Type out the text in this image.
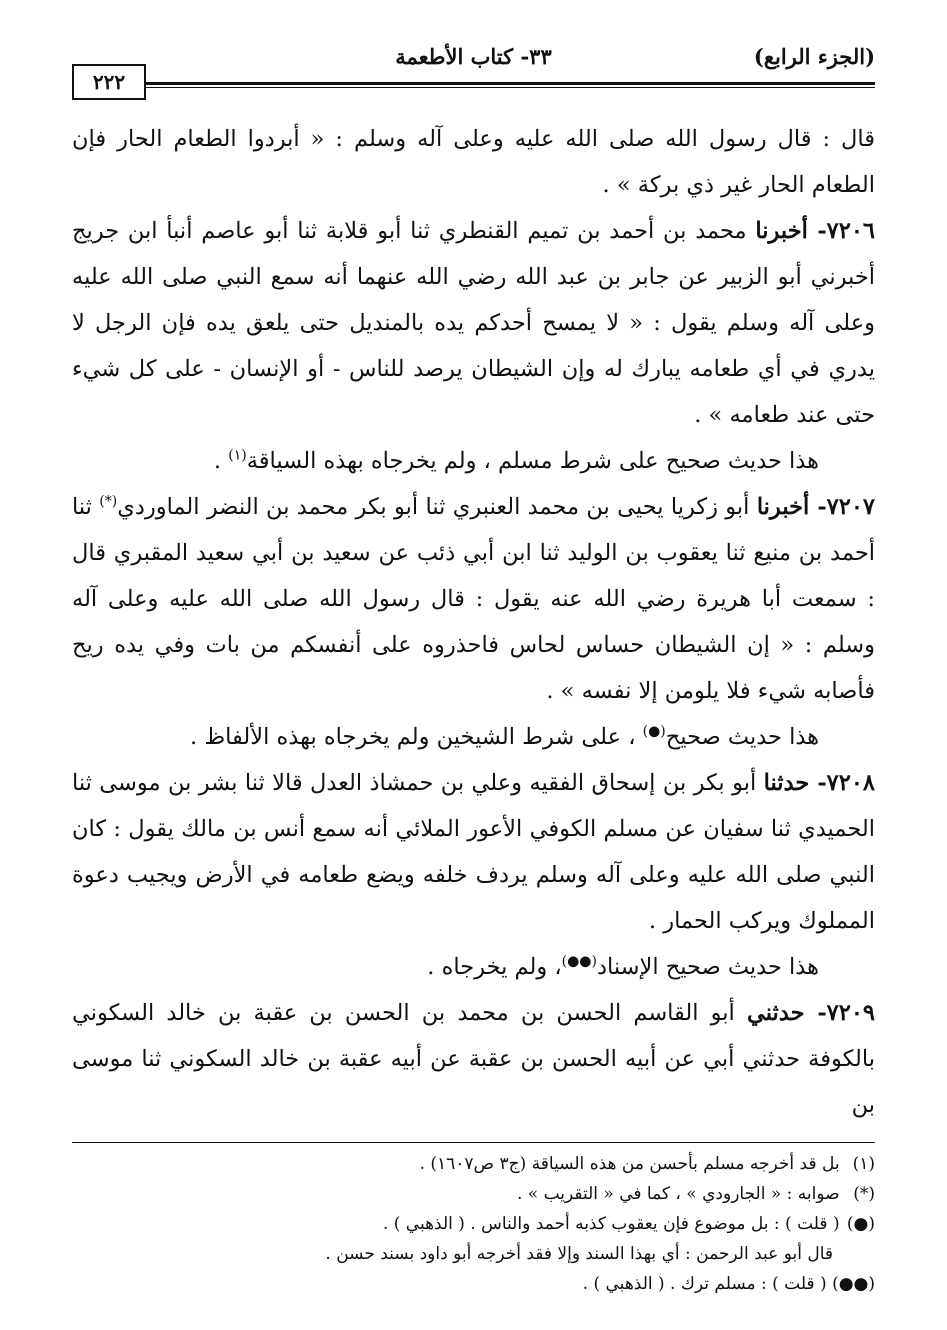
(الجزء الرابع)
٣٣- كتاب الأطعمة
٢٢٢

قال : قال رسول الله صلى الله عليه وعلى آله وسلم : « أبردوا الطعام الحار فإن الطعام الحار غير ذي بركة » .

٧٢٠٦- أخبرنا محمد بن أحمد بن تميم القنطري ثنا أبو قلابة ثنا أبو عاصم أنبأ ابن جريج أخبرني أبو الزبير عن جابر بن عبد الله رضي الله عنهما أنه سمع النبي صلى الله عليه وعلى آله وسلم يقول : « لا يمسح أحدكم يده بالمنديل حتى يلعق يده فإن الرجل لا يدري في أي طعامه يبارك له وإن الشيطان يرصد للناس - أو الإنسان - على كل شيء حتى عند طعامه » .

هذا حديث صحيح على شرط مسلم ، ولم يخرجاه بهذه السياقة$^{(١)}$ .

٧٢٠٧- أخبرنا أبو زكريا يحيى بن محمد العنبري ثنا أبو بكر محمد بن النضر الماوردي(*) ثنا أحمد بن منيع ثنا يعقوب بن الوليد ثنا ابن أبي ذئب عن سعيد بن أبي سعيد المقبري قال : سمعت أبا هريرة رضي الله عنه يقول : قال رسول الله صلى الله عليه وعلى آله وسلم : « إن الشيطان حساس لحاس فاحذروه على أنفسكم من بات وفي يده ريح فأصابه شيء فلا يلومن إلا نفسه » .

هذا حديث صحيح(●) ، على شرط الشيخين ولم يخرجاه بهذه الألفاظ .

٧٢٠٨- حدثنا أبو بكر بن إسحاق الفقيه وعلي بن حمشاذ العدل قالا ثنا بشر بن موسى ثنا الحميدي ثنا سفيان عن مسلم الكوفي الأعور الملائي أنه سمع أنس بن مالك يقول : كان النبي صلى الله عليه وعلى آله وسلم يردف خلفه ويضع طعامه في الأرض ويجيب دعوة المملوك ويركب الحمار .

هذا حديث صحيح الإسناد(●●)، ولم يخرجاه .

٧٢٠٩- حدثني أبو القاسم الحسن بن محمد بن الحسن بن عقبة بن خالد السكوني بالكوفة حدثني أبي عن أبيه الحسن بن عقبة عن أبيه عقبة بن خالد السكوني ثنا موسى بن

(١) بل قد أخرجه مسلم بأحسن من هذه السياقة (ج٣ ص١٦٠٧) .

(*) صوابه : « الجارودي » ، كما في « التقريب » .

(●) ( قلت ) : بل موضوع فإن يعقوب كذبه أحمد والناس . ( الذهبي ) .

قال أبو عبد الرحمن : أي بهذا السند وإلا فقد أخرجه أبو داود بسند حسن .

(●●) ( قلت ) : مسلم ترك . ( الذهبي ) .
